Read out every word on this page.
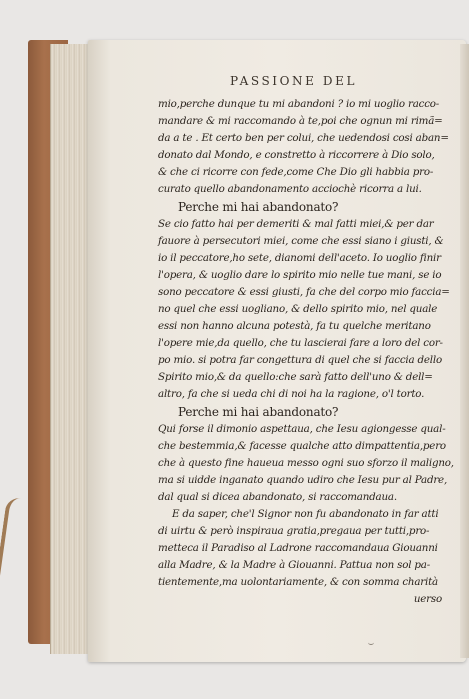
PASSIONE DEL
mio,perche dunque tu mi abandoni ? io mi uoglio racco-
mandare & mi raccomando à te,poi che ognun mi rimã=
da a te . Et certo ben per colui, che uedendosi cosi aban=
donato dal Mondo, e constretto à riccorrere à Dio solo,
& che ci ricorre con fede,come Che Dio gli habbia pro-
curato quello abandonamento acciochè ricorra a lui.
Perche mi hai abandonato?
Se cio fatto hai per demeriti & mal fatti miei,& per dar
fauore à persecutori miei, come che essi siano i giusti, &
io il peccatore,ho sete, dianomi dell'aceto. Io uoglio finir
l'opera, & uoglio dare lo spirito mio nelle tue mani, se io
sono peccatore & essi giusti, fa che del corpo mio faccia=
no quel che essi uogliano, & dello spirito mio, nel quale
essi non hanno alcuna potestà, fa tu quelche meritano
l'opere mie,da quello, che tu lascierai fare a loro del cor-
po mio. si potra far congettura di quel che si faccia dello
Spirito mio,& da quello:che sarà fatto dell'uno & dell=
altro, fa che si ueda chi di noi ha la ragione, o'l torto.
Perche mi hai abandonato?
Qui forse il dimonio aspettaua, che Iesu agiongesse qual-
che bestemmia,& facesse qualche atto dimpattentia,pero
che à questo fine haueua messo ogni suo sforzo il maligno,
ma si uidde inganato quando udiro che Iesu pur al Padre,
dal qual si dicea abandonato, si raccomandaua.
E da saper, che'l Signor non fu abandonato in far atti
di uirtu & però inspiraua gratia,pregaua per tutti,pro-
metteca il Paradiso al Ladrone raccomandaua Giouanni
alla Madre, & la Madre à Giouanni. Pattua non sol pa-
tientemente,ma uolontariamente, & con somma charità
uerso
